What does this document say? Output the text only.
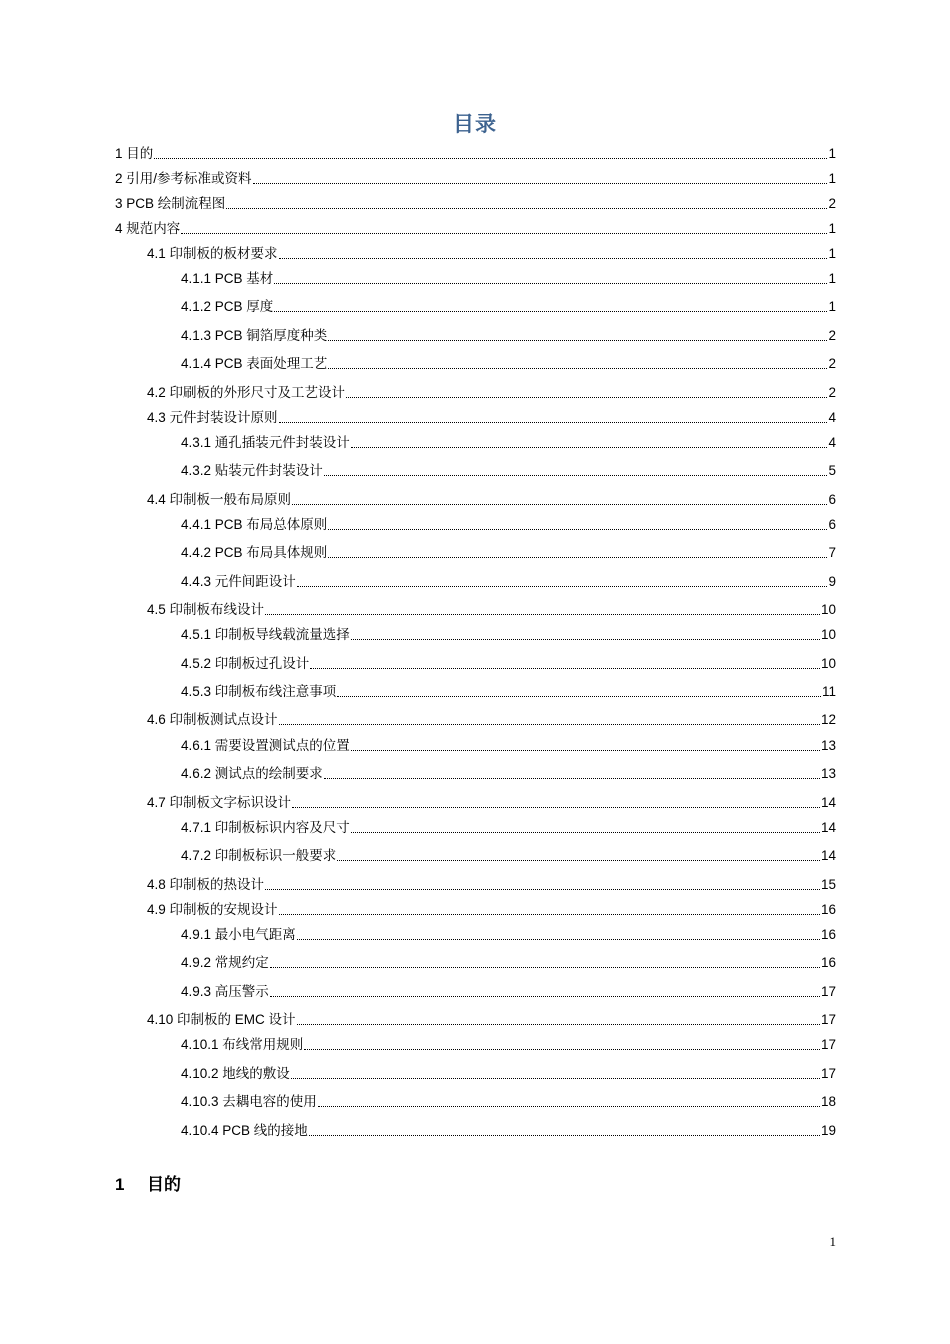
目录
1 目的	1
2 引用/参考标准或资料	1
3 PCB 绘制流程图	2
4 规范内容	1
4.1 印制板的板材要求	1
4.1.1 PCB 基材	1
4.1.2 PCB 厚度	1
4.1.3 PCB 铜箔厚度种类	2
4.1.4 PCB 表面处理工艺	2
4.2 印刷板的外形尺寸及工艺设计	2
4.3 元件封装设计原则	4
4.3.1 通孔插装元件封装设计	4
4.3.2 贴装元件封装设计	5
4.4 印制板一般布局原则	6
4.4.1 PCB 布局总体原则	6
4.4.2 PCB 布局具体规则	7
4.4.3 元件间距设计	9
4.5 印制板布线设计	10
4.5.1 印制板导线载流量选择	10
4.5.2 印制板过孔设计	10
4.5.3 印制板布线注意事项	11
4.6 印制板测试点设计	12
4.6.1 需要设置测试点的位置	13
4.6.2 测试点的绘制要求	13
4.7 印制板文字标识设计	14
4.7.1 印制板标识内容及尺寸	14
4.7.2 印制板标识一般要求	14
4.8 印制板的热设计	15
4.9 印制板的安规设计	16
4.9.1 最小电气距离	16
4.9.2 常规约定	16
4.9.3 高压警示	17
4.10 印制板的 EMC 设计	17
4.10.1 布线常用规则	17
4.10.2 地线的敷设	17
4.10.3 去耦电容的使用	18
4.10.4 PCB 线的接地	19
1 目的
1
